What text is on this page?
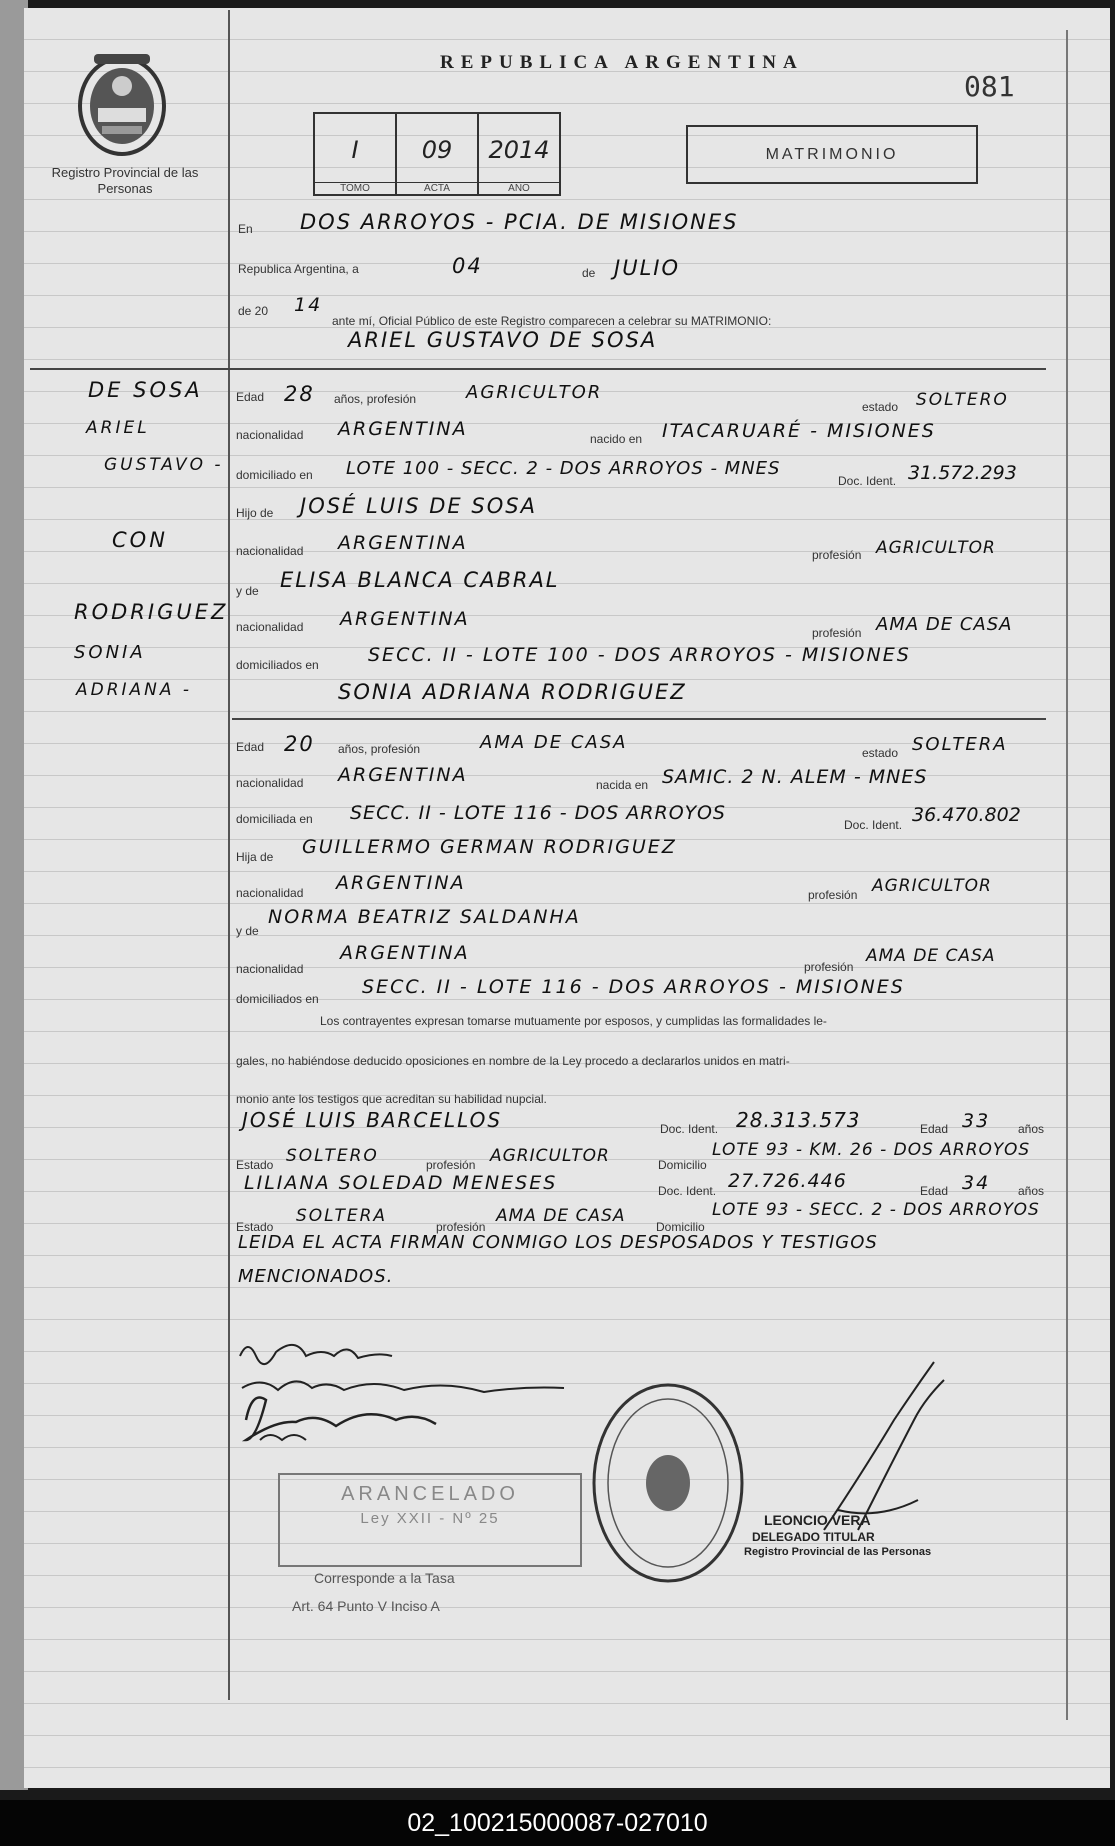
Registro Provincial de las Personas
REPUBLICA ARGENTINA
081
I
TOMO
09
ACTA
2014
AÑO
MATRIMONIO
En DOS ARROYOS - PCIA. DE MISIONES
Republica Argentina, a	04	de JULIO
de 20 14
ante mí, Oficial Público de este Registro comparecen a celebrar su MATRIMONIO:
ARIEL GUSTAVO DE SOSA
DE SOSA
ARIEL
GUSTAVO -
CON
RODRIGUEZ
SONIA
ADRIANA -
Edad 28 años, profesión	AGRICULTOR
estado SOLTERO
nacionalidad ARGENTINA	nacido en ITACARUARÉ - MISIONES
domiciliado en LOTE 100 - SECC. 2 - DOS ARROYOS - MNES
Doc. Ident. 31.572.293
Hijo de JOSÉ LUIS DE SOSA
nacionalidad ARGENTINA
profesión AGRICULTOR
y de ELISA BLANCA CABRAL
nacionalidad ARGENTINA
profesión AMA DE CASA
domiciliados en	SECC. II - LOTE 100 - DOS ARROYOS - MISIONES
SONIA ADRIANA RODRIGUEZ
Edad 20 años, profesión	AMA DE CASA	estado SOLTERA
nacionalidad ARGENTINA	nacida en SAMIC. 2 N. ALEM - MNES
domiciliada en SECC. II - LOTE 116 - DOS ARROYOS
Doc. Ident. 36.470.802
Hija de GUILLERMO GERMAN RODRIGUEZ
nacionalidad ARGENTINA
profesión AGRICULTOR
y de
NORMA BEATRIZ SALDANHA
nacionalidad
ARGENTINA
profesión
AMA DE CASA
domiciliados en
SECC. II - LOTE 116 - DOS ARROYOS - MISIONES
Los contrayentes expresan tomarse mutuamente por esposos, y cumplidas las formalidades le-
gales, no habiéndose deducido oposiciones en nombre de la Ley procedo a declararlos unidos en matri-
monio ante los testigos que acreditan su habilidad nupcial.
JOSÉ LUIS BARCELLOS	Doc. Ident. 28.313.573	Edad 33 años
Estado SOLTERO	profesión AGRICULTOR	Domicilio
LOTE 93 - KM. 26 - DOS ARROYOS
LILIANA SOLEDAD MENESES	Doc. Ident. 27.726.446	Edad 34 años
Estado
SOLTERA
profesión
AMA DE CASA
Domicilio
LOTE 93 - SECC. 2 - DOS ARROYOS
LEIDA EL ACTA FIRMAN CONMIGO LOS DESPOSADOS Y TESTIGOS
MENCIONADOS.
ARANCELADO
Ley XXII - Nº 25
Corresponde a la Tasa
Art. 64 Punto V Inciso A
LEONCIO VERA
DELEGADO TITULAR
Registro Provincial de las Personas
02_100215000087-027010
